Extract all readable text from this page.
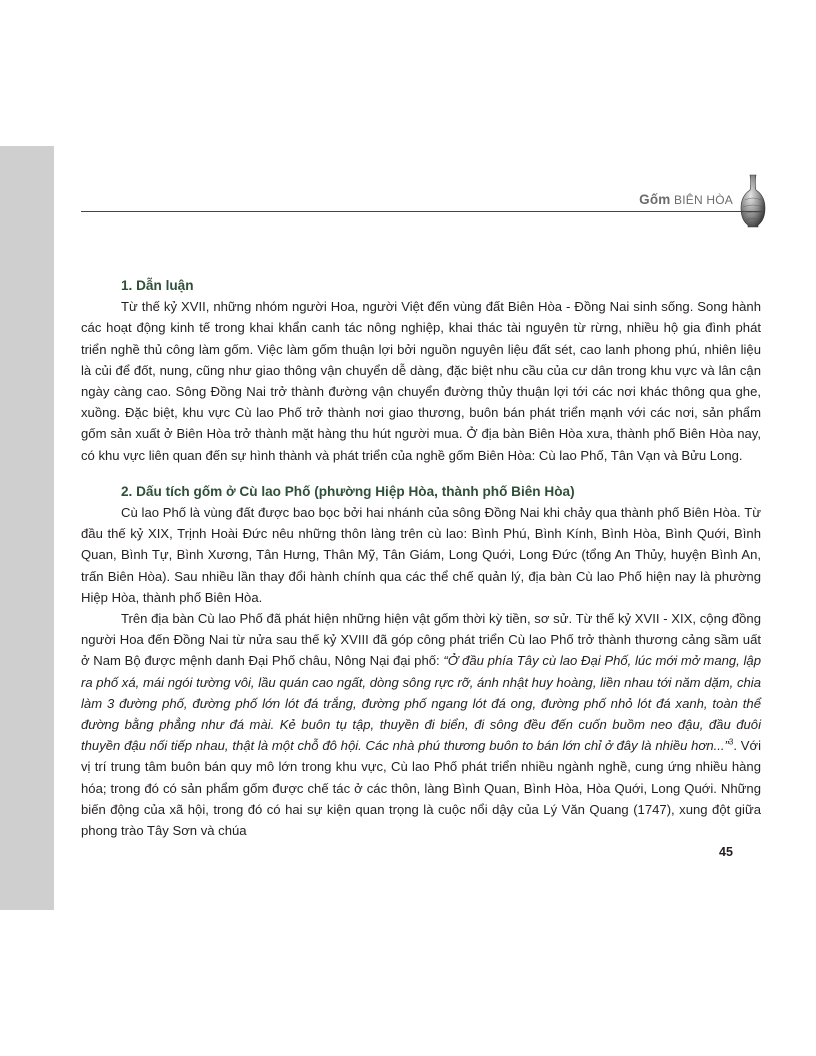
Gốm BIÊN HÒA
1. Dẫn luận

Từ thế kỷ XVII, những nhóm người Hoa, người Việt đến vùng đất Biên Hòa - Đồng Nai sinh sống. Song hành các hoạt động kinh tế trong khai khẩn canh tác nông nghiệp, khai thác tài nguyên từ rừng, nhiều hộ gia đình phát triển nghề thủ công làm gốm. Việc làm gốm thuận lợi bởi nguồn nguyên liệu đất sét, cao lanh phong phú, nhiên liệu là củi để đốt, nung, cũng như giao thông vận chuyển dễ dàng, đặc biệt nhu cầu của cư dân trong khu vực và lân cận ngày càng cao. Sông Đồng Nai trở thành đường vận chuyển đường thủy thuận lợi tới các nơi khác thông qua ghe, xuồng. Đặc biệt, khu vực Cù lao Phố trở thành nơi giao thương, buôn bán phát triển mạnh với các nơi, sản phẩm gốm sản xuất ở Biên Hòa trở thành mặt hàng thu hút người mua. Ở địa bàn Biên Hòa xưa, thành phố Biên Hòa nay, có khu vực liên quan đến sự hình thành và phát triển của nghề gốm Biên Hòa: Cù lao Phố, Tân Vạn và Bửu Long.

2. Dấu tích gốm ở Cù lao Phố (phường Hiệp Hòa, thành phố Biên Hòa)

Cù lao Phố là vùng đất được bao bọc bởi hai nhánh của sông Đồng Nai khi chảy qua thành phố Biên Hòa. Từ đầu thế kỷ XIX, Trịnh Hoài Đức nêu những thôn làng trên cù lao: Bình Phú, Bình Kính, Bình Hòa, Bình Quới, Bình Quan, Bình Tự, Bình Xương, Tân Hưng, Thân Mỹ, Tân Giám, Long Quới, Long Đức (tổng An Thủy, huyện Bình An, trấn Biên Hòa). Sau nhiều lần thay đổi hành chính qua các thể chế quản lý, địa bàn Cù lao Phố hiện nay là phường Hiệp Hòa, thành phố Biên Hòa.

Trên địa bàn Cù lao Phố đã phát hiện những hiện vật gốm thời kỳ tiền, sơ sử. Từ thế kỷ XVII - XIX, cộng đồng người Hoa đến Đồng Nai từ nửa sau thế kỷ XVIII đã góp công phát triển Cù lao Phố trở thành thương cảng sầm uất ở Nam Bộ được mệnh danh Đại Phố châu, Nông Nại đại phố: “Ở đầu phía Tây cù lao Đại Phố, lúc mới mở mang, lập ra phố xá, mái ngói tường vôi, lầu quán cao ngất, dòng sông rực rỡ, ánh nhật huy hoàng, liền nhau tới năm dặm, chia làm 3 đường phố, đường phố lớn lót đá trắng, đường phố ngang lót đá ong, đường phố nhỏ lót đá xanh, toàn thể đường bằng phẳng như đá mài. Kẻ buôn tụ tập, thuyền đi biển, đi sông đều đến cuốn buồm neo đậu, đầu đuôi thuyền đậu nối tiếp nhau, thật là một chỗ đô hội. Các nhà phú thương buôn to bán lớn chỉ ở đây là nhiều hơn...”$^3$. Với vị trí trung tâm buôn bán quy mô lớn trong khu vực, Cù lao Phố phát triển nhiều ngành nghề, cung ứng nhiều hàng hóa; trong đó có sản phẩm gốm được chế tác ở các thôn, làng Bình Quan, Bình Hòa, Hòa Quới, Long Quới. Những biến động của xã hội, trong đó có hai sự kiện quan trọng là cuộc nổi dậy của Lý Văn Quang (1747), xung đột giữa phong trào Tây Sơn và chúa

45
